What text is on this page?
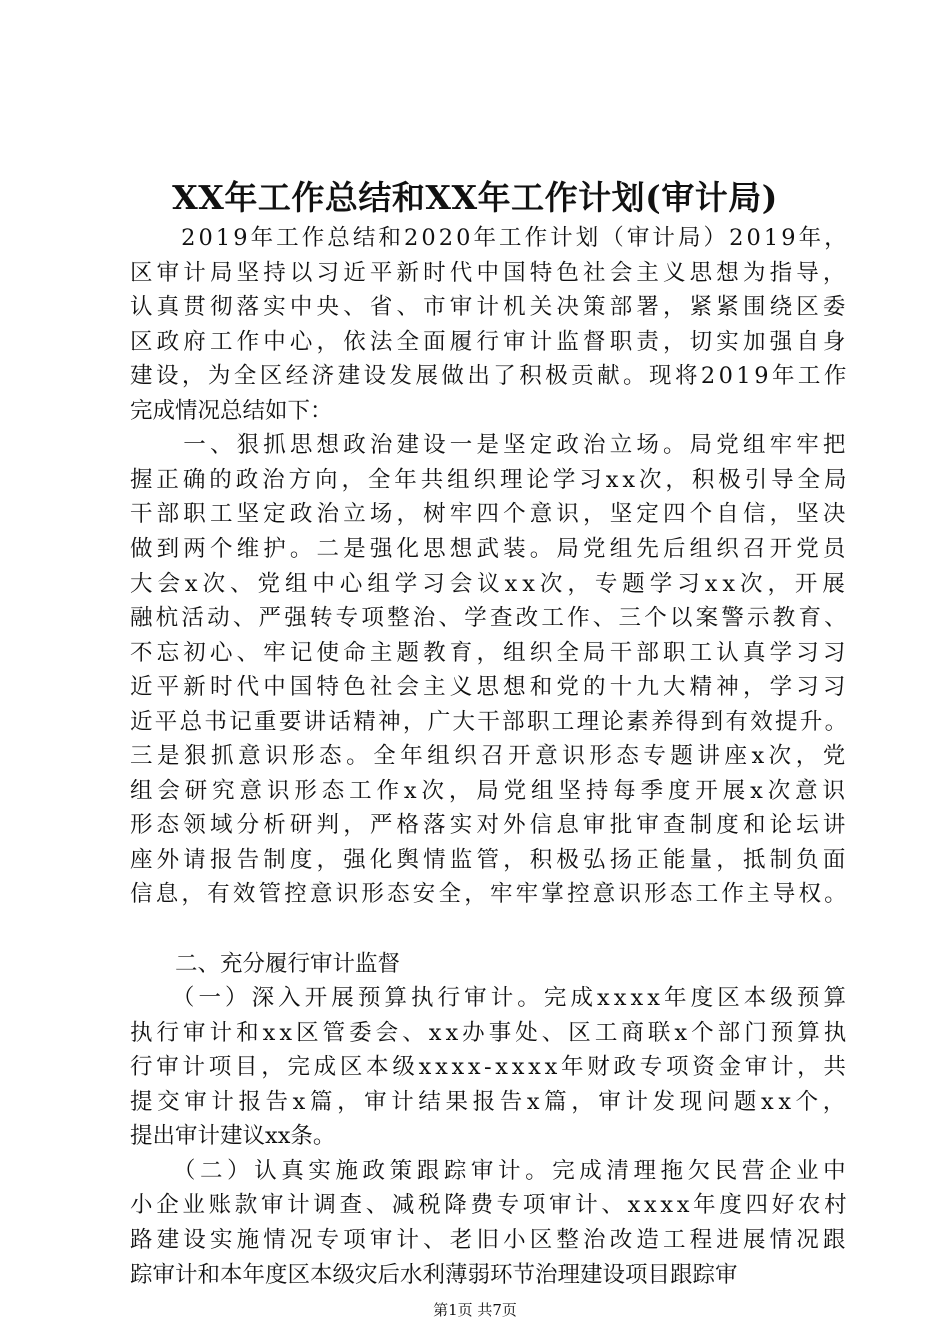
XX年工作总结和XX年工作计划(审计局)
　　2019年工作总结和2020年工作计划（审计局）2019年，
区审计局坚持以习近平新时代中国特色社会主义思想为指导，
认真贯彻落实中央、省、市审计机关决策部署，紧紧围绕区委
区政府工作中心，依法全面履行审计监督职责，切实加强自身
建设，为全区经济建设发展做出了积极贡献。现将2019年工作
完成情况总结如下：
　　一、狠抓思想政治建设一是坚定政治立场。局党组牢牢把
握正确的政治方向，全年共组织理论学习xx次，积极引导全局
干部职工坚定政治立场，树牢四个意识，坚定四个自信，坚决
做到两个维护。二是强化思想武装。局党组先后组织召开党员
大会x次、党组中心组学习会议xx次，专题学习xx次，开展
融杭活动、严强转专项整治、学查改工作、三个以案警示教育、
不忘初心、牢记使命主题教育，组织全局干部职工认真学习习
近平新时代中国特色社会主义思想和党的十九大精神，学习习
近平总书记重要讲话精神，广大干部职工理论素养得到有效提升。
三是狠抓意识形态。全年组织召开意识形态专题讲座x次，党
组会研究意识形态工作x次，局党组坚持每季度开展x次意识
形态领域分析研判，严格落实对外信息审批审查制度和论坛讲
座外请报告制度，强化舆情监管，积极弘扬正能量，抵制负面
信息，有效管控意识形态安全，牢牢掌控意识形态工作主导权。
　　二、充分履行审计监督
　　（一）深入开展预算执行审计。完成xxxx年度区本级预算
执行审计和xx区管委会、xx办事处、区工商联x个部门预算执
行审计项目，完成区本级xxxx-xxxx年财政专项资金审计，共
提交审计报告x篇，审计结果报告x篇，审计发现问题xx个，
提出审计建议xx条。
　　（二）认真实施政策跟踪审计。完成清理拖欠民营企业中
小企业账款审计调查、减税降费专项审计、xxxx年度四好农村
路建设实施情况专项审计、老旧小区整治改造工程进展情况跟
踪审计和本年度区本级灾后水利薄弱环节治理建设项目跟踪审
第1页 共7页
